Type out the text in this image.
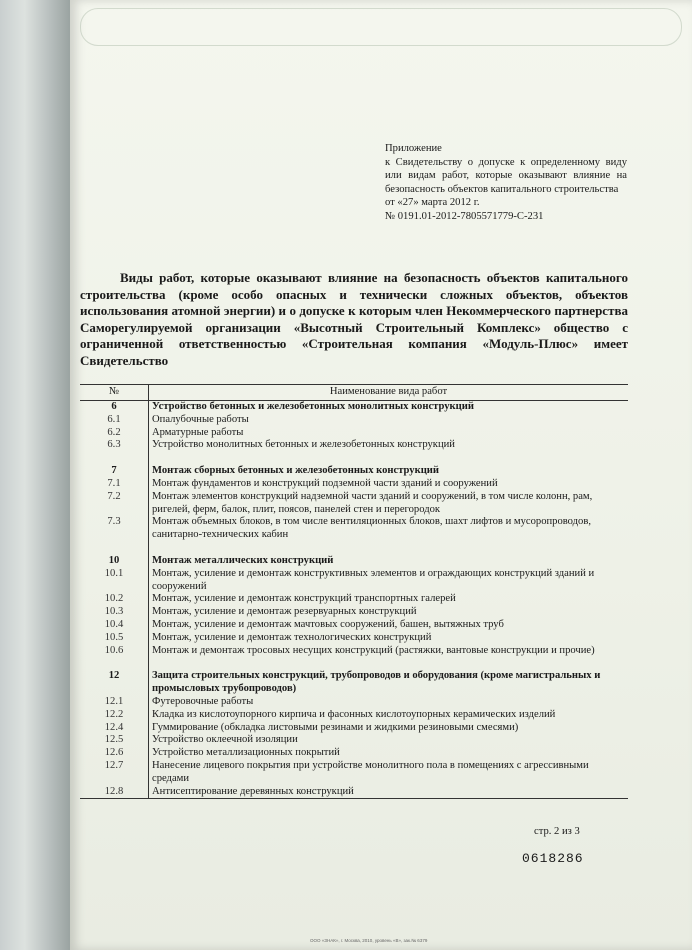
Приложение
к Свидетельству о допуске к определенному виду или видам работ, которые оказывают влияние на безопасность объектов капитального строительства
от «27» марта 2012 г.
№ 0191.01-2012-7805571779-С-231
Виды работ, которые оказывают влияние на безопасность объектов капитального строительства (кроме особо опасных и технически сложных объектов, объектов использования атомной энергии) и о допуске к которым член Некоммерческого партнерства Саморегулируемой организации «Высотный Строительный Комплекс» общество с ограниченной ответственностью «Строительная компания «Модуль-Плюс» имеет Свидетельство
№	Наименование вида работ
6	Устройство бетонных и железобетонных монолитных конструкций
6.1	Опалубочные работы
6.2	Арматурные работы
6.3	Устройство монолитных бетонных и железобетонных конструкций

7	Монтаж сборных бетонных и железобетонных конструкций
7.1	Монтаж фундаментов и конструкций подземной части зданий и сооружений
7.2	Монтаж элементов конструкций надземной части зданий и сооружений, в том числе колонн, рам, ригелей, ферм, балок, плит, поясов, панелей стен и перегородок
7.3	Монтаж объемных блоков, в том числе вентиляционных блоков, шахт лифтов и мусоропроводов, санитарно-технических кабин

10	Монтаж металлических конструкций
10.1	Монтаж, усиление и демонтаж конструктивных элементов и ограждающих конструкций зданий и сооружений
10.2	Монтаж, усиление и демонтаж конструкций транспортных галерей
10.3	Монтаж, усиление и демонтаж резервуарных конструкций
10.4	Монтаж, усиление и демонтаж мачтовых сооружений, башен, вытяжных труб
10.5	Монтаж, усиление и демонтаж технологических конструкций
10.6	Монтаж и демонтаж тросовых несущих конструкций (растяжки, вантовые конструкции и прочие)

12	Защита строительных конструкций, трубопроводов и оборудования (кроме магистральных и промысловых трубопроводов)
12.1	Футеровочные работы
12.2	Кладка из кислотоупорного кирпича и фасонных кислотоупорных керамических изделий
12.4	Гуммирование (обкладка листовыми резинами и жидкими резиновыми смесями)
12.5	Устройство оклеечной изоляции
12.6	Устройство металлизационных покрытий
12.7	Нанесение лицевого покрытия при устройстве монолитного пола в помещениях с агрессивными средами
12.8	Антисептирование деревянных конструкций
стр. 2 из 3
0618286
ООО «ЗНАК», г. Москва, 2010, уровень «В», зак.№ 6379
